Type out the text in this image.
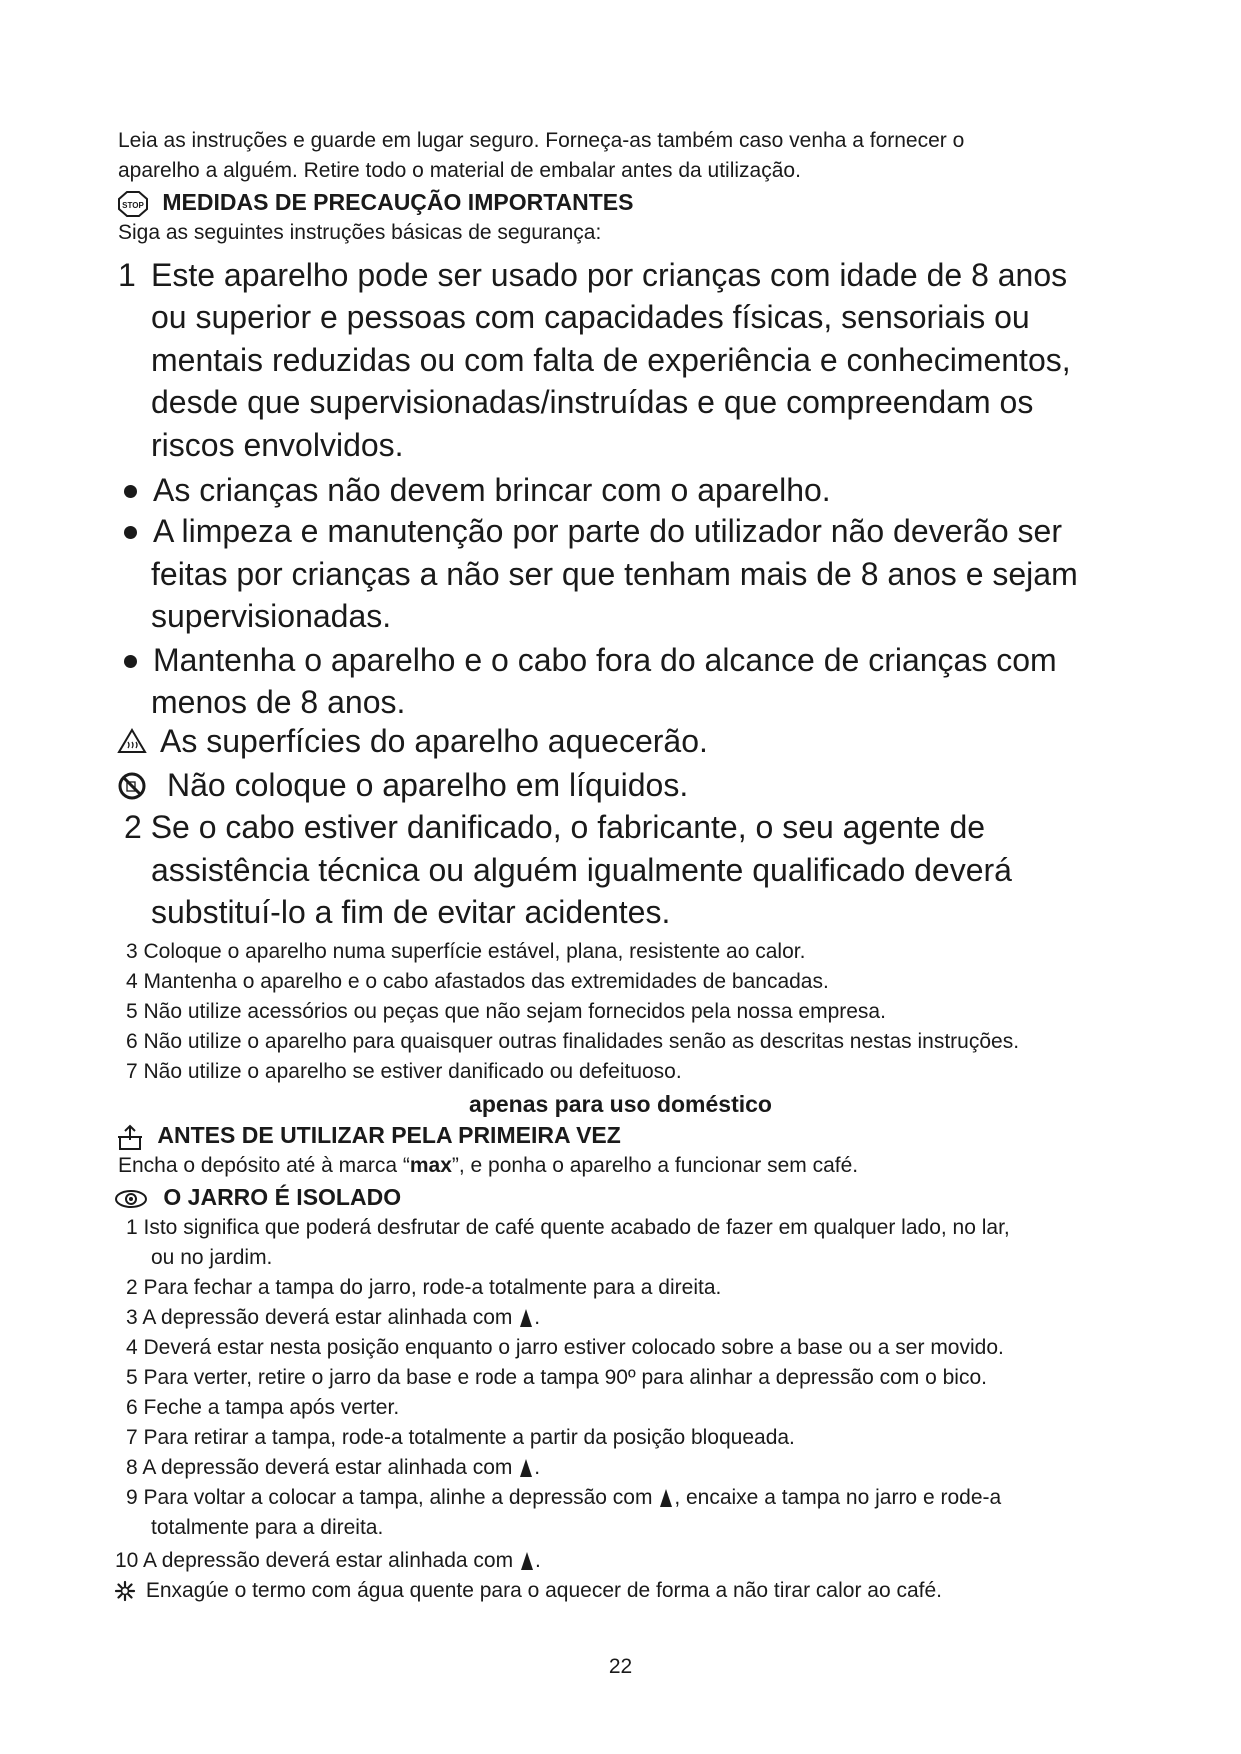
Leia as instruções e guarde em lugar seguro. Forneça-as também caso venha a fornecer o
aparelho a alguém. Retire todo o material de embalar antes da utilização.
STOP MEDIDAS DE PRECAUÇÃO IMPORTANTES
Siga as seguintes instruções básicas de segurança:
1 Este aparelho pode ser usado por crianças com idade de 8 anos
ou superior e pessoas com capacidades físicas, sensoriais ou
mentais reduzidas ou com falta de experiência e conhecimentos,
desde que supervisionadas/instruídas e que compreendam os
riscos envolvidos.
As crianças não devem brincar com o aparelho.
A limpeza e manutenção por parte do utilizador não deverão ser
feitas por crianças a não ser que tenham mais de 8 anos e sejam
supervisionadas.
Mantenha o aparelho e o cabo fora do alcance de crianças com
menos de 8 anos.
As superfícies do aparelho aquecerão.
Não coloque o aparelho em líquidos.
2 Se o cabo estiver danificado, o fabricante, o seu agente de
assistência técnica ou alguém igualmente qualificado deverá
substituí-lo a fim de evitar acidentes.
3 Coloque o aparelho numa superfície estável, plana, resistente ao calor.
4 Mantenha o aparelho e o cabo afastados das extremidades de bancadas.
5 Não utilize acessórios ou peças que não sejam fornecidos pela nossa empresa.
6 Não utilize o aparelho para quaisquer outras finalidades senão as descritas nestas instruções.
7 Não utilize o aparelho se estiver danificado ou defeituoso.
apenas para uso doméstico
ANTES DE UTILIZAR PELA PRIMEIRA VEZ
Encha o depósito até à marca “max”, e ponha o aparelho a funcionar sem café.
O JARRO É ISOLADO
1 Isto significa que poderá desfrutar de café quente acabado de fazer em qualquer lado, no lar,
ou no jardim.
2 Para fechar a tampa do jarro, rode-a totalmente para a direita.
3 A depressão deverá estar alinhada com .
4 Deverá estar nesta posição enquanto o jarro estiver colocado sobre a base ou a ser movido.
5 Para verter, retire o jarro da base e rode a tampa 90º para alinhar a depressão com o bico.
6 Feche a tampa após verter.
7 Para retirar a tampa, rode-a totalmente a partir da posição bloqueada.
8 A depressão deverá estar alinhada com .
9 Para voltar a colocar a tampa, alinhe a depressão com , encaixe a tampa no jarro e rode-a
totalmente para a direita.
10 A depressão deverá estar alinhada com .
Enxagúe o termo com água quente para o aquecer de forma a não tirar calor ao café.
22
